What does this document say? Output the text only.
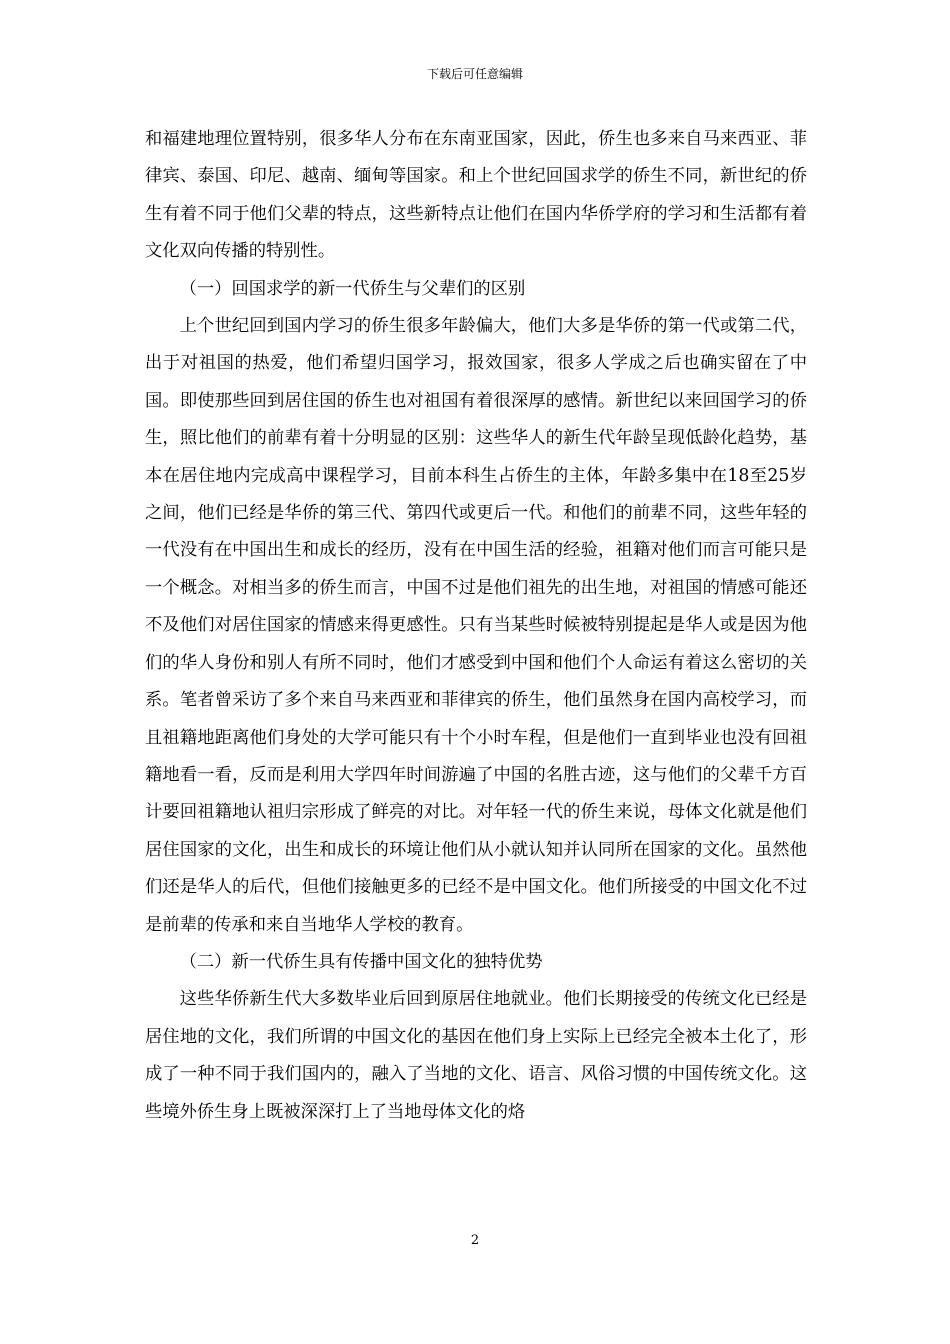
下载后可任意编辑

和福建地理位置特别，很多华人分布在东南亚国家，因此，侨生也多来自马来西亚、菲律宾、泰国、印尼、越南、缅甸等国家。和上个世纪回国求学的侨生不同，新世纪的侨生有着不同于他们父辈的特点，这些新特点让他们在国内华侨学府的学习和生活都有着文化双向传播的特别性。

（一）回国求学的新一代侨生与父辈们的区别

上个世纪回到国内学习的侨生很多年龄偏大，他们大多是华侨的第一代或第二代，出于对祖国的热爱，他们希望归国学习，报效国家，很多人学成之后也确实留在了中国。即使那些回到居住国的侨生也对祖国有着很深厚的感情。新世纪以来回国学习的侨生，照比他们的前辈有着十分明显的区别：这些华人的新生代年龄呈现低龄化趋势，基本在居住地内完成高中课程学习，目前本科生占侨生的主体，年龄多集中在18至25岁之间，他们已经是华侨的第三代、第四代或更后一代。和他们的前辈不同，这些年轻的一代没有在中国出生和成长的经历，没有在中国生活的经验，祖籍对他们而言可能只是一个概念。对相当多的侨生而言，中国不过是他们祖先的出生地，对祖国的情感可能还不及他们对居住国家的情感来得更感性。只有当某些时候被特别提起是华人或是因为他们的华人身份和别人有所不同时，他们才感受到中国和他们个人命运有着这么密切的关系。笔者曾采访了多个来自马来西亚和菲律宾的侨生，他们虽然身在国内高校学习，而且祖籍地距离他们身处的大学可能只有十个小时车程，但是他们一直到毕业也没有回祖籍地看一看，反而是利用大学四年时间游遍了中国的名胜古迹，这与他们的父辈千方百计要回祖籍地认祖归宗形成了鲜亮的对比。对年轻一代的侨生来说，母体文化就是他们居住国家的文化，出生和成长的环境让他们从小就认知并认同所在国家的文化。虽然他们还是华人的后代，但他们接触更多的已经不是中国文化。他们所接受的中国文化不过是前辈的传承和来自当地华人学校的教育。

（二）新一代侨生具有传播中国文化的独特优势

这些华侨新生代大多数毕业后回到原居住地就业。他们长期接受的传统文化已经是居住地的文化，我们所谓的中国文化的基因在他们身上实际上已经完全被本土化了，形成了一种不同于我们国内的，融入了当地的文化、语言、风俗习惯的中国传统文化。这些境外侨生身上既被深深打上了当地母体文化的烙

2
